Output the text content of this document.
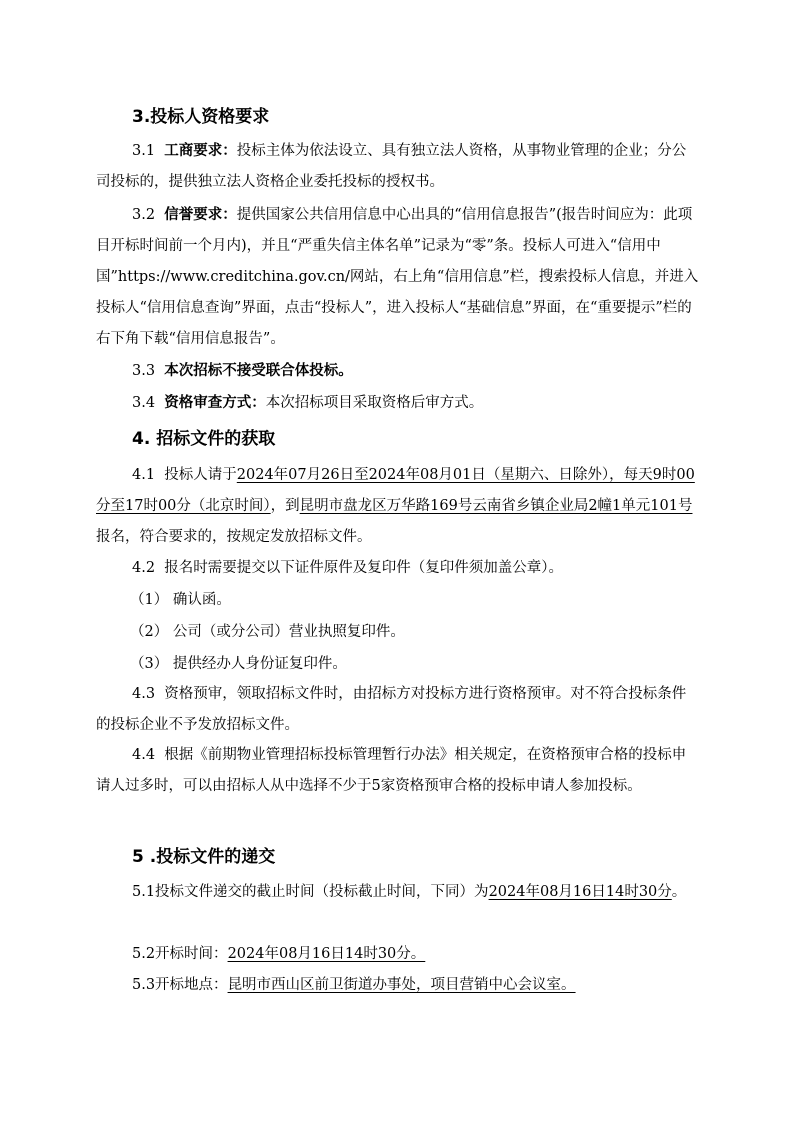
3.投标人资格要求

3.1 工商要求：投标主体为依法设立、具有独立法人资格，从事物业管理的企业；分公司投标的，提供独立法人资格企业委托投标的授权书。

3.2 信誉要求：提供国家公共信用信息中心出具的“信用信息报告”(报告时间应为：此项目开标时间前一个月内)，并且“严重失信主体名单”记录为“零”条。投标人可进入“信用中国”https://www.creditchina.gov.cn/网站，右上角“信用信息”栏，搜索投标人信息，并进入投标人“信用信息查询”界面，点击“投标人”，进入投标人“基础信息”界面，在“重要提示”栏的右下角下载“信用信息报告”。

3.3 本次招标不接受联合体投标。

3.4 资格审查方式：本次招标项目采取资格后审方式。

4. 招标文件的获取

4.1 投标人请于2024年07月26日至2024年08月01日（星期六、日除外），每天9时00分至17时00分（北京时间），到昆明市盘龙区万华路169号云南省乡镇企业局2幢1单元101号报名，符合要求的，按规定发放招标文件。

4.2 报名时需要提交以下证件原件及复印件（复印件须加盖公章）。

（1） 确认函。

（2） 公司（或分公司）营业执照复印件。

（3） 提供经办人身份证复印件。

4.3 资格预审，领取招标文件时，由招标方对投标方进行资格预审。对不符合投标条件的投标企业不予发放招标文件。

4.4 根据《前期物业管理招标投标管理暂行办法》相关规定，在资格预审合格的投标申请人过多时，可以由招标人从中选择不少于5家资格预审合格的投标申请人参加投标。

5 .投标文件的递交

5.1投标文件递交的截止时间（投标截止时间，下同）为2024年08月16日14时30分。

5.2开标时间：2024年08月16日14时30分。

5.3开标地点：昆明市西山区前卫街道办事处，项目营销中心会议室。
